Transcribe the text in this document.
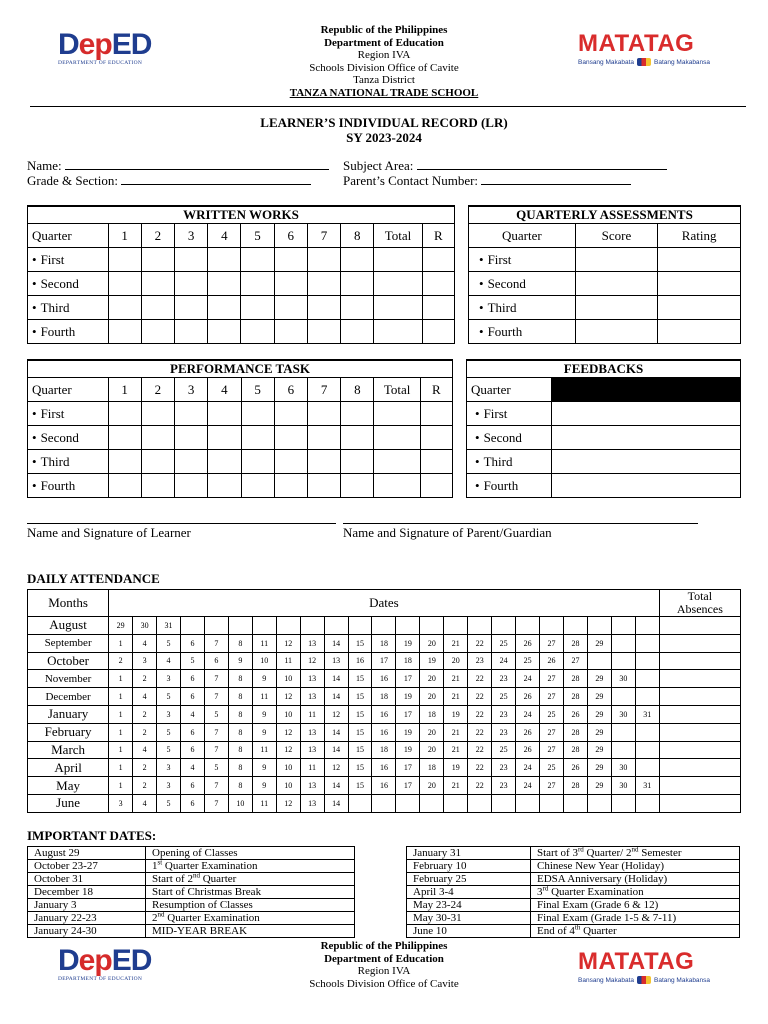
DepED
DEPARTMENT OF EDUCATION
Republic of the Philippines
Department of Education
Region IVA
Schools Division Office of Cavite
Tanza District
TANZA NATIONAL TRADE SCHOOL
MATATAG
Bansang Makabata	Batang Makabansa
LEARNER’S INDIVIDUAL RECORD (LR)
SY 2023-2024
Name:	Subject Area:
Grade & Section:	Parent’s Contact Number:
WRITTEN WORKS										
Quarter	1	2	3	4	5	6	7	8	Total	R
• First										
• Second										
• Third										
• Fourth										
QUARTERLY ASSESSMENTS		
Quarter	Score	Rating
• First		
• Second		
• Third		
• Fourth		
PERFORMANCE TASK										
Quarter	1	2	3	4	5	6	7	8	Total	R
• First										
• Second										
• Third										
• Fourth										
FEEDBACKS	
Quarter	
• First	
• Second	
• Third	
• Fourth	
Name and Signature of Learner	Name and Signature of Parent/Guardian
DAILY ATTENDANCE
Months	Dates																							Total
Absences

August	29	30	31																					
September	1	4	5	6	7	8	11	12	13	14	15	18	19	20	21	22	25	26	27	28	29			
October	2	3	4	5	6	9	10	11	12	13	16	17	18	19	20	23	24	25	26	27				
November	1	2	3	6	7	8	9	10	13	14	15	16	17	20	21	22	23	24	27	28	29	30		
December	1	4	5	6	7	8	11	12	13	14	15	18	19	20	21	22	25	26	27	28	29			
January	1	2	3	4	5	8	9	10	11	12	15	16	17	18	19	22	23	24	25	26	29	30	31	
February	1	2	5	6	7	8	9	12	13	14	15	16	19	20	21	22	23	26	27	28	29			
March	1	4	5	6	7	8	11	12	13	14	15	18	19	20	21	22	25	26	27	28	29			
April	1	2	3	4	5	8	9	10	11	12	15	16	17	18	19	22	23	24	25	26	29	30		
May	1	2	3	6	7	8	9	10	13	14	15	16	17	20	21	22	23	24	27	28	29	30	31	
June	3	4	5	6	7	10	11	12	13	14														
IMPORTANT DATES:
August 29	Opening of Classes
October 23-27	1st Quarter Examination
October 31	Start of 2nd Quarter
December 18	Start of Christmas Break
January 3	Resumption of Classes
January 22-23	2nd Quarter Examination
January 24-30	MID-YEAR BREAK
January 31	Start of 3rd Quarter/ 2nd Semester
February 10	Chinese New Year (Holiday)
February 25	EDSA Anniversary (Holiday)
April 3-4	3rd Quarter Examination
May 23-24	Final Exam (Grade 6 & 12)
May 30-31	Final Exam (Grade 1-5 & 7-11)
June 10	End of 4th Quarter
DepED
DEPARTMENT OF EDUCATION
Republic of the Philippines
Department of Education
Region IVA
Schools Division Office of Cavite
MATATAG
Bansang Makabata	Batang Makabansa
